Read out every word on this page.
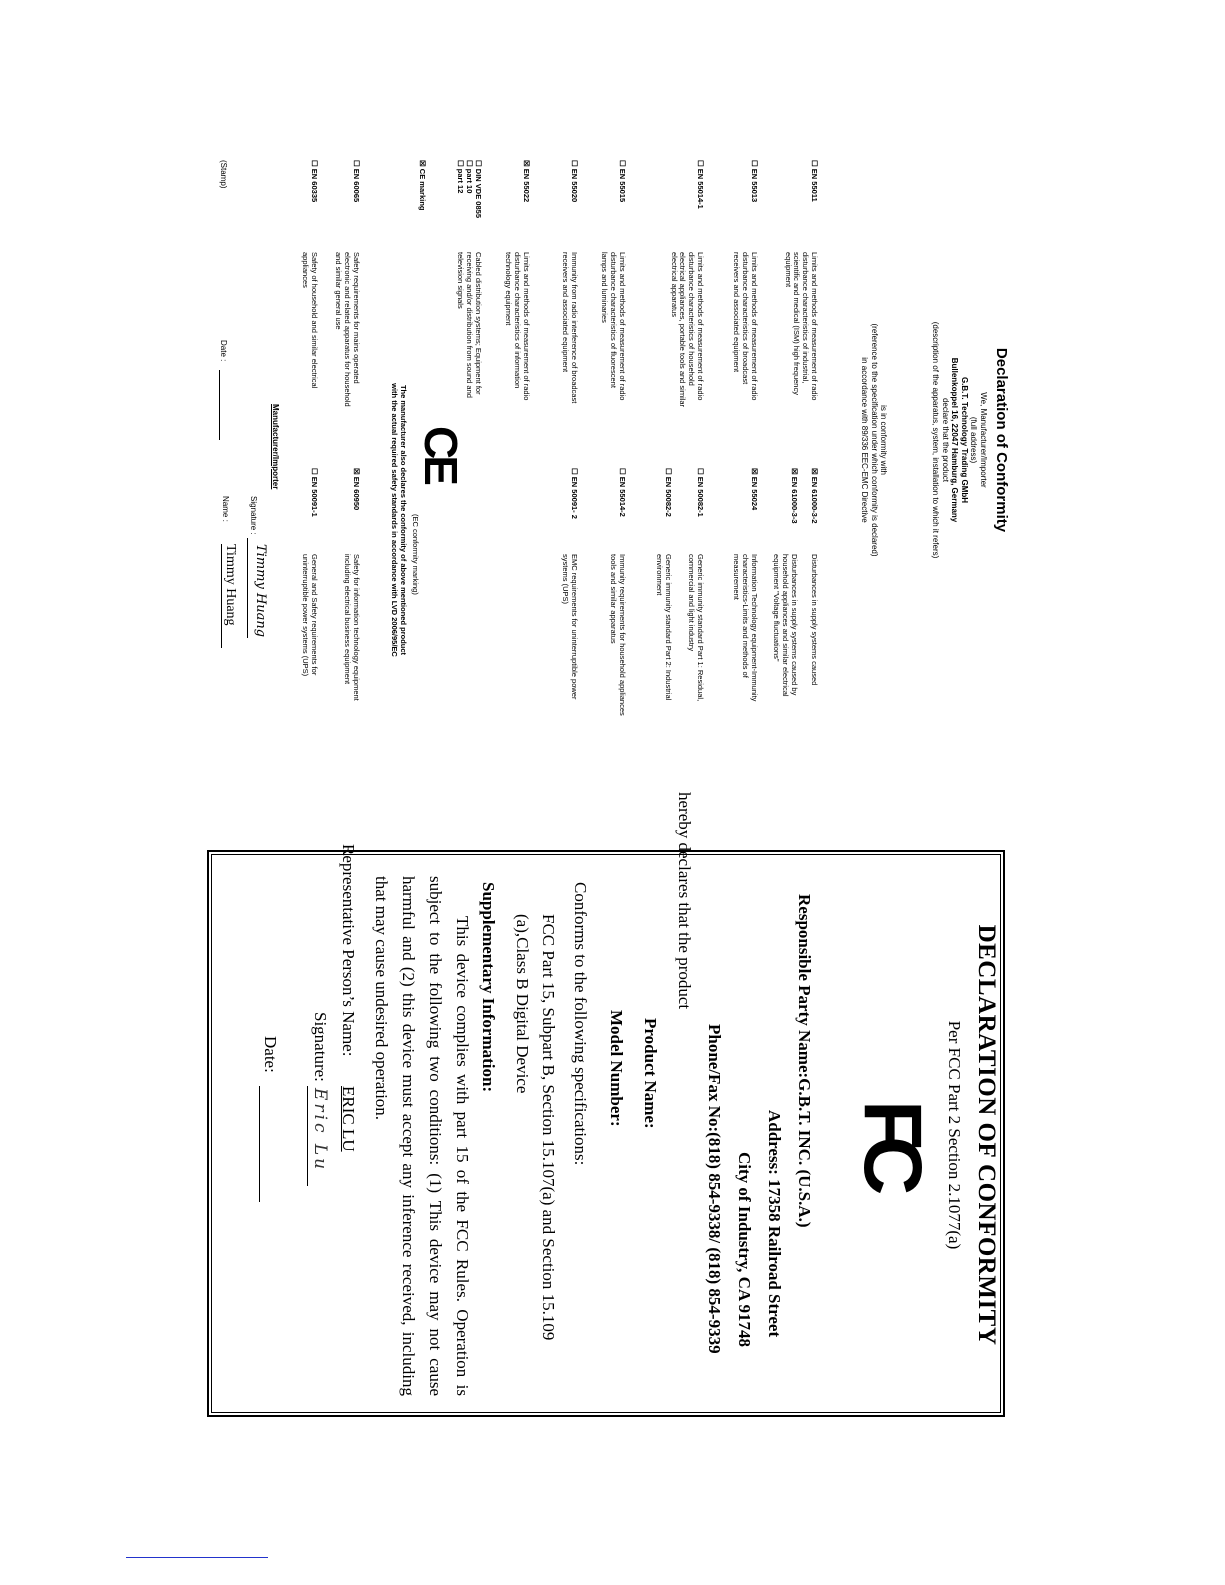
Declaration of Conformity
We, Manufacturer/Importer
(full address)
G.B.T. Technology Trading GMbH
Bullenkoppel 16, 22047 Hamburg, Germany
declare that the product
(description of the apparatus, system, installation to which it refers)
is in conformity with
(reference to the specification under which conformity is declared)
in accordance with 89/336 EEC-EMC Directive
☐ EN 55011
Limits and methods of measurement of radio disturbance characteristics of industrial, scientific and medical (ISM) high frequency equipment
☐ EN 55013
Limits and methods of measurement of radio disturbance characteristics of broadcast receivers and associated equipment
☐ EN 55014-1
Limits and methods of measurement of radio disturbance characteristics of household electrical appliances, portable tools and similar electrical apparatus
☐ EN 55015
Limits and methods of measurement of radio disturbance characteristics of fluorescent lamps and luminaries
☐ EN 55020
Immunity from radio interference of broadcast receivers and associated equipment
☒ EN 55022
Limits and methods of measurement of radio disturbance characteristics of information technology equipment
☐ DIN VDE 0855
☐ part 10
☐ part 12
Cabled distribution systems; Equipment for receiving and/or distribution from sound and television signals
☒ CE marking
☐ EN 60065
Safety requirements for mains operated electronic and related apparatus for household and similar general use
☐ EN 60335
Safety of household and similar electrical appliances
☒ EN 61000-3-2
Disturbances in supply systems caused
☒ EN 61000-3-3
Disturbances in supply systems caused by household appliances and similar electrical equipment "Voltage fluctuations"
☒ EN 55024
Information Technology equipment-Immunity characteristics-Limits and methods of measurement
☐ EN 50082-1
Generic immunity standard Part 1: Residual, commercial and light industry
☐ EN 50082-2
Generic immunity standard Part 2: Industrial environment
☐ EN 55014-2
Immunity requirements for household appliances tools and similar apparatus
☐ EN 50091- 2
EMC requirements for uninterruptible power systems (UPS)
☒ EN 60950
Safety for information technology equipment including electrical business equipment
☐ EN 50091-1
General and Safety requirements for uninterruptible power systems (UPS)
CE
(EC conformity marking)
The manufacturer also declares the conformity of above mentioned product
with the actual required safety standards in accordance with LVD 2006/95/EC
Manufacturer/Importer
(Stamp)
Date :
Signature :
Timmy Huang
Name :
Timmy Huang
DECLARATION OF CONFORMITY
Per FCC Part 2 Section 2.1077(a)
FC
Responsible Party Name:G.B.T. INC. (U.S.A.)
Address: 17358 Railroad Street
City of Industry, CA 91748
Phone/Fax No:(818) 854-9338/ (818) 854-9339
hereby declares that the product
Product Name:
Model Number:
Conforms to the following specifications:
FCC Part 15, Subpart B, Section 15.107(a) and Section 15.109
(a),Class B Digital Device
Supplementary Information:
This device complies with part 15 of the FCC Rules. Operation is subject to the following two conditions: (1) This device may not cause harmful and (2) this device must accept any inference received, including that may cause undesired operation.
Representative Person’s Name:
ERIC LU
Signature:
Eric Lu
Date:
